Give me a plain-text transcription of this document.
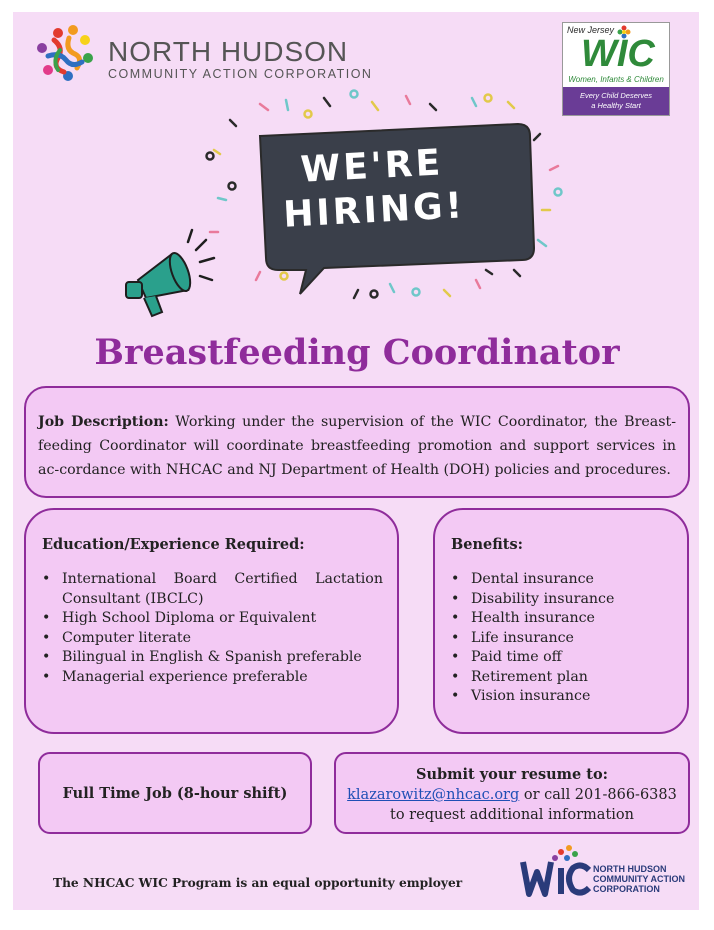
NORTH HUDSON
COMMUNITY ACTION CORPORATION
New Jersey
WIC
Women, Infants & Children
Every Child Deserves
a Healthy Start
WE'RE
HIRING!
Breastfeeding Coordinator
Job Description: Working under the supervision of the WIC Coordinator, the Breast-feeding Coordinator will coordinate breastfeeding promotion and support services in ac-cordance with NHCAC and NJ Department of Health (DOH) policies and procedures.
Education/Experience Required:
• International Board Certified Lactation Consultant (IBCLC)
• High School Diploma or Equivalent
• Computer literate
• Bilingual in English & Spanish preferable
• Managerial experience preferable
Benefits:
• Dental insurance
• Disability insurance
• Health insurance
• Life insurance
• Paid time off
• Retirement plan
• Vision insurance
Full Time Job (8-hour shift)
Submit your resume to:
klazarowitz@nhcac.org or call 201-866-6383
to request additional information
The NHCAC WIC Program is an equal opportunity employer
NORTH HUDSON
COMMUNITY ACTION
CORPORATION
